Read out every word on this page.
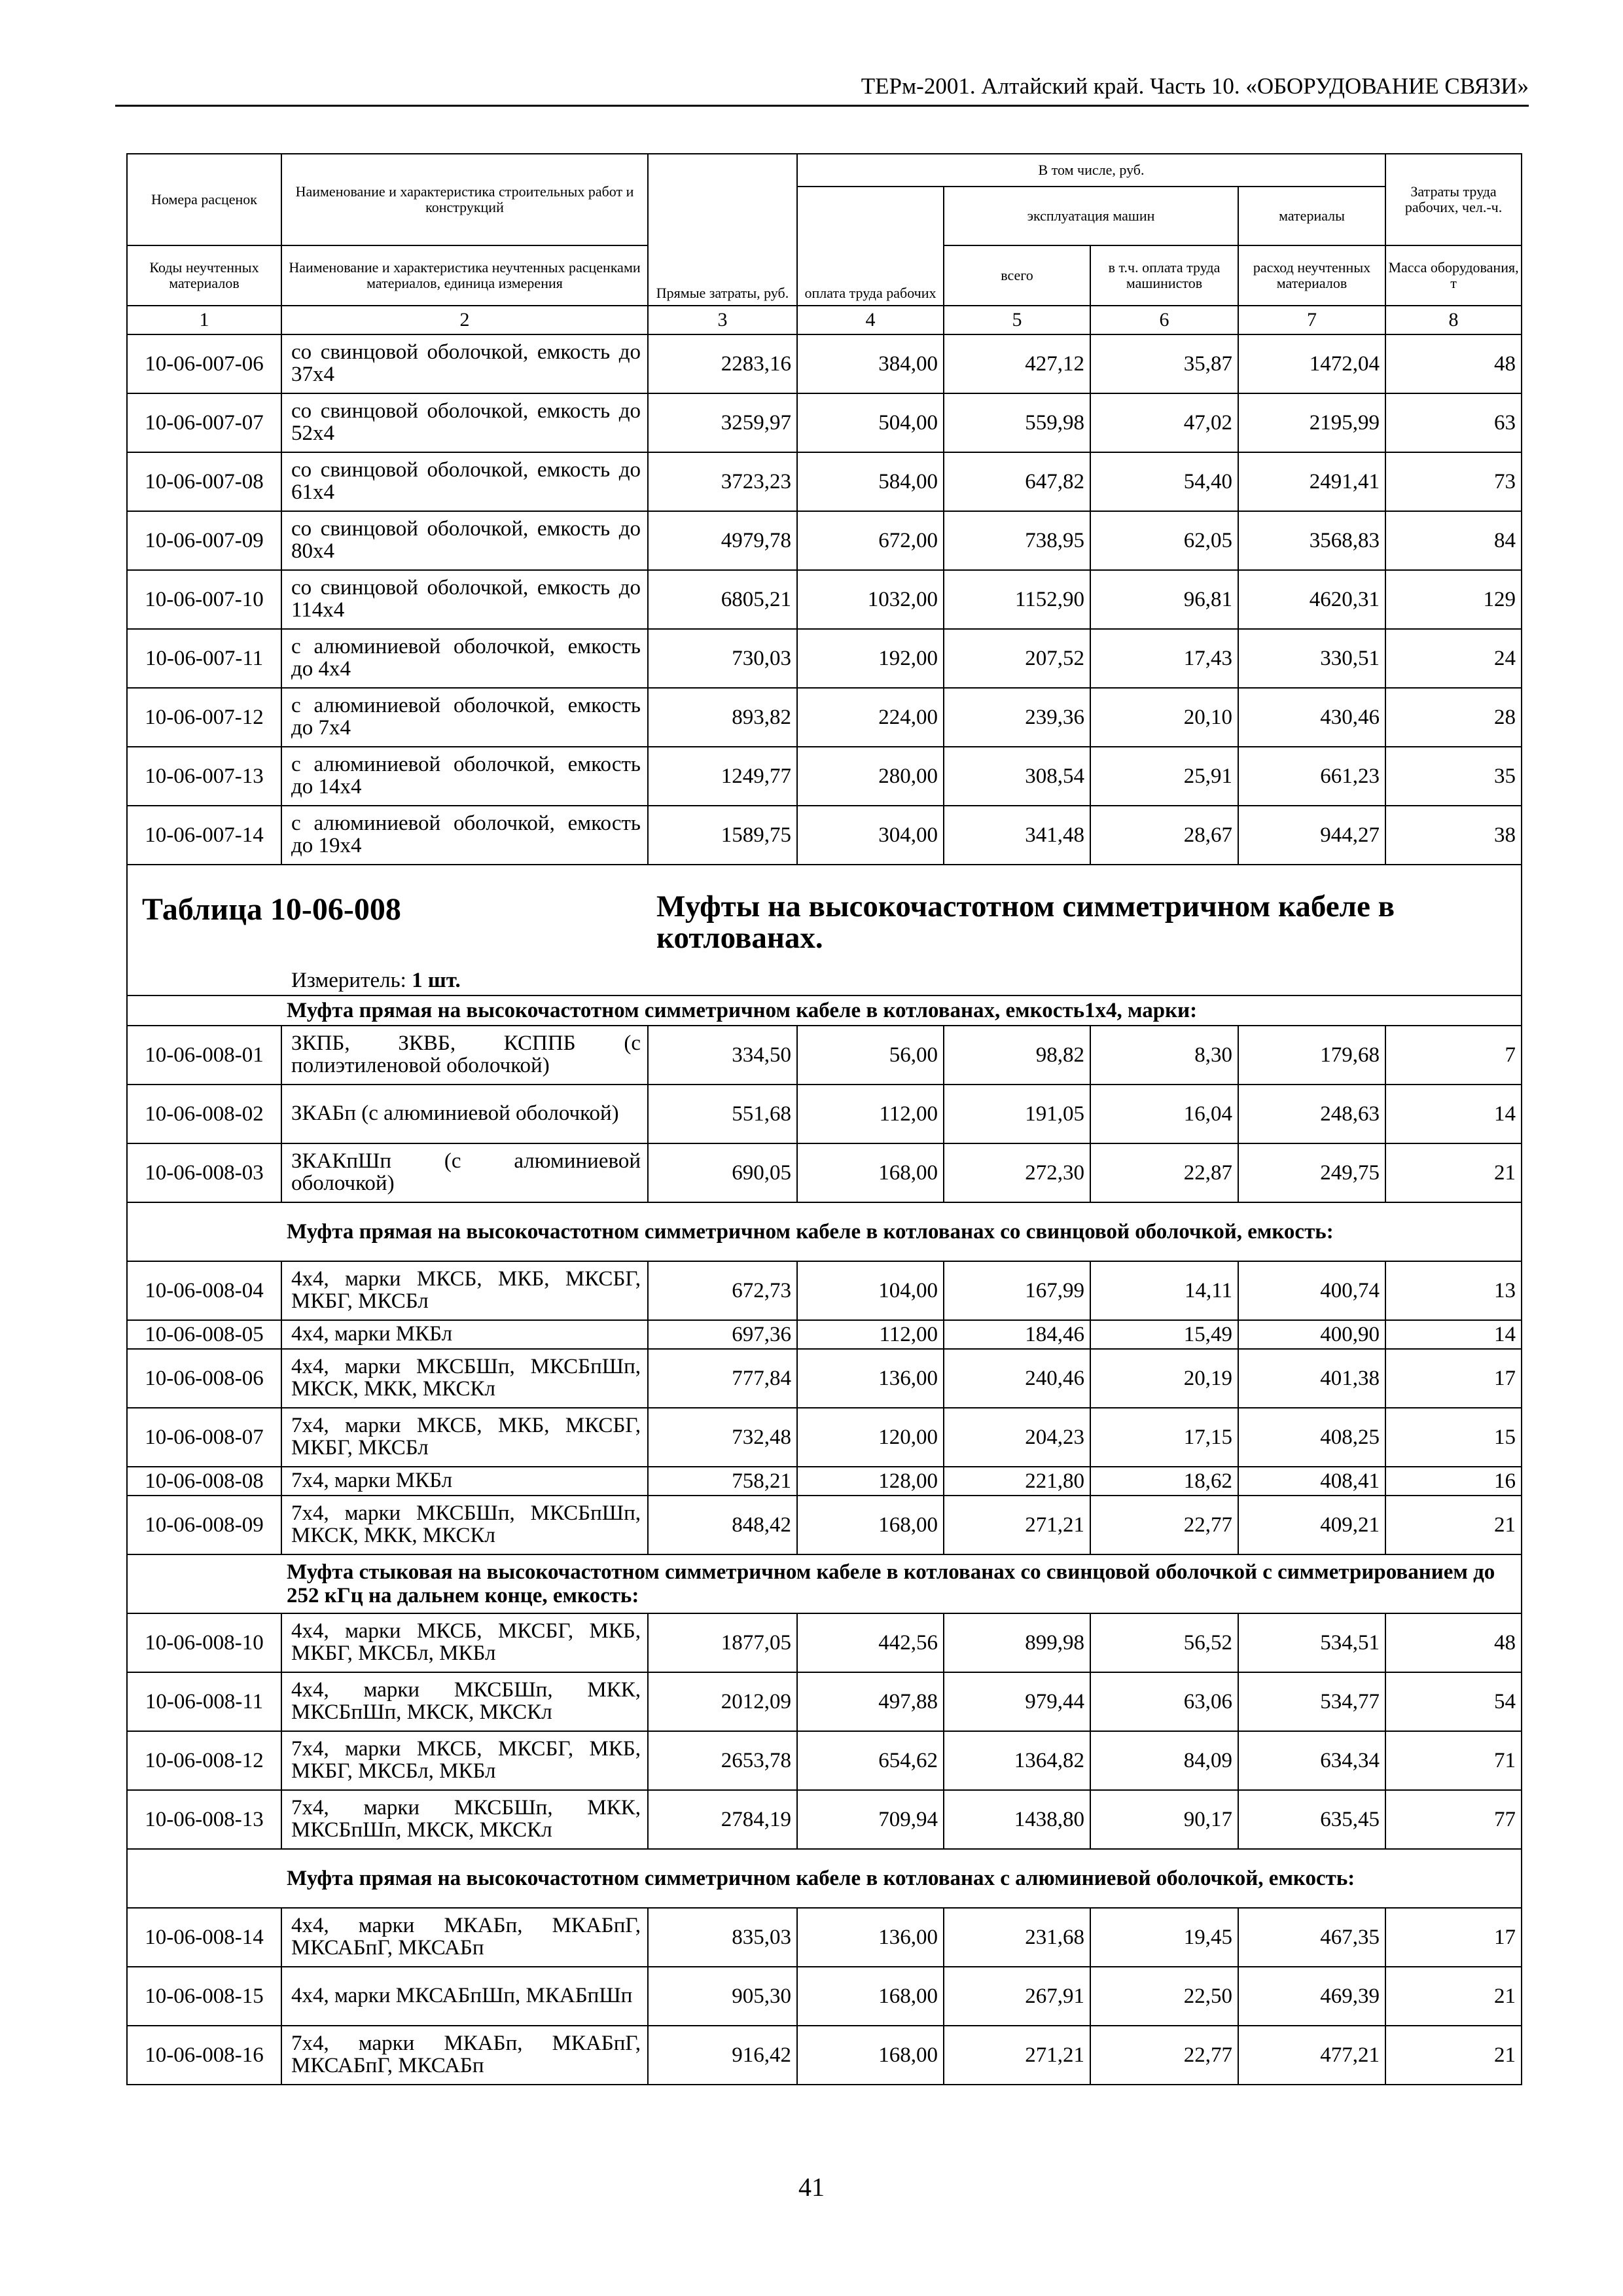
ТЕРм-2001. Алтайский край. Часть 10. «ОБОРУДОВАНИЕ СВЯЗИ»
Номера расценок	Наименование и характеристика строительных работ и конструкций	Прямые затраты, руб.	В том числе, руб.				Затраты труда рабочих, чел.-ч.
			оплата труда рабочих	эксплуатация машин		материалы	
Коды неучтенных материалов	Наименование и характеристика неучтенных расценками материалов, единица измерения			всего	в т.ч. оплата труда машинистов	расход неучтенных материалов	Масса оборудования, т
1	2	3	4	5	6	7	8
10-06-007-06	со свинцовой оболочкой, емкость до 37х4	2283,16	384,00	427,12	35,87	1472,04	48
10-06-007-07	со свинцовой оболочкой, емкость до 52х4	3259,97	504,00	559,98	47,02	2195,99	63
10-06-007-08	со свинцовой оболочкой, емкость до 61х4	3723,23	584,00	647,82	54,40	2491,41	73
10-06-007-09	со свинцовой оболочкой, емкость до 80х4	4979,78	672,00	738,95	62,05	3568,83	84
10-06-007-10	со свинцовой оболочкой, емкость до 114х4	6805,21	1032,00	1152,90	96,81	4620,31	129
10-06-007-11	с алюминиевой оболочкой, емкость до 4х4	730,03	192,00	207,52	17,43	330,51	24
10-06-007-12	с алюминиевой оболочкой, емкость до 7х4	893,82	224,00	239,36	20,10	430,46	28
10-06-007-13	с алюминиевой оболочкой, емкость до 14х4	1249,77	280,00	308,54	25,91	661,23	35
10-06-007-14	с алюминиевой оболочкой, емкость до 19х4	1589,75	304,00	341,48	28,67	944,27	38

Таблица 10-06-008 Муфты на высокочастотном симметричном кабеле в котлованах.
Измеритель: 1 шт.							

	Муфта прямая на высокочастотном симметричном кабеле в котлованах, емкость1х4, марки:						
10-06-008-01	ЗКПБ, ЗКВБ, КСППБ (с полиэтиленовой оболочкой)	334,50	56,00	98,82	8,30	179,68	7
10-06-008-02	ЗКАБп (с алюминиевой оболочкой)	551,68	112,00	191,05	16,04	248,63	14
10-06-008-03	ЗКАКпШп (с алюминиевой оболочкой)	690,05	168,00	272,30	22,87	249,75	21
	Муфта прямая на высокочастотном симметричном кабеле в котлованах со свинцовой оболочкой, емкость:						
10-06-008-04	4х4, марки МКСБ, МКБ, МКСБГ, МКБГ, МКСБл	672,73	104,00	167,99	14,11	400,74	13
10-06-008-05	4х4, марки МКБл	697,36	112,00	184,46	15,49	400,90	14
10-06-008-06	4х4, марки МКСБШп, МКСБпШп, МКСК, МКК, МКСКл	777,84	136,00	240,46	20,19	401,38	17
10-06-008-07	7х4, марки МКСБ, МКБ, МКСБГ, МКБГ, МКСБл	732,48	120,00	204,23	17,15	408,25	15
10-06-008-08	7х4, марки МКБл	758,21	128,00	221,80	18,62	408,41	16
10-06-008-09	7х4, марки МКСБШп, МКСБпШп, МКСК, МКК, МКСКл	848,42	168,00	271,21	22,77	409,21	21
	Муфта стыковая на высокочастотном симметричном кабеле в котлованах со свинцовой оболочкой с симметрированием до 252 кГц на дальнем конце, емкость:						
10-06-008-10	4х4, марки МКСБ, МКСБГ, МКБ, МКБГ, МКСБл, МКБл	1877,05	442,56	899,98	56,52	534,51	48
10-06-008-11	4х4, марки МКСБШп, МКК, МКСБпШп, МКСК, МКСКл	2012,09	497,88	979,44	63,06	534,77	54
10-06-008-12	7х4, марки МКСБ, МКСБГ, МКБ, МКБГ, МКСБл, МКБл	2653,78	654,62	1364,82	84,09	634,34	71
10-06-008-13	7х4, марки МКСБШп, МКК, МКСБпШп, МКСК, МКСКл	2784,19	709,94	1438,80	90,17	635,45	77
	Муфта прямая на высокочастотном симметричном кабеле в котлованах с алюминиевой оболочкой, емкость:						
10-06-008-14	4х4, марки МКАБп, МКАБпГ, МКСАБпГ, МКСАБп	835,03	136,00	231,68	19,45	467,35	17
10-06-008-15	4х4, марки МКСАБпШп, МКАБпШп	905,30	168,00	267,91	22,50	469,39	21
10-06-008-16	7х4, марки МКАБп, МКАБпГ, МКСАБпГ, МКСАБп	916,42	168,00	271,21	22,77	477,21	21
41
